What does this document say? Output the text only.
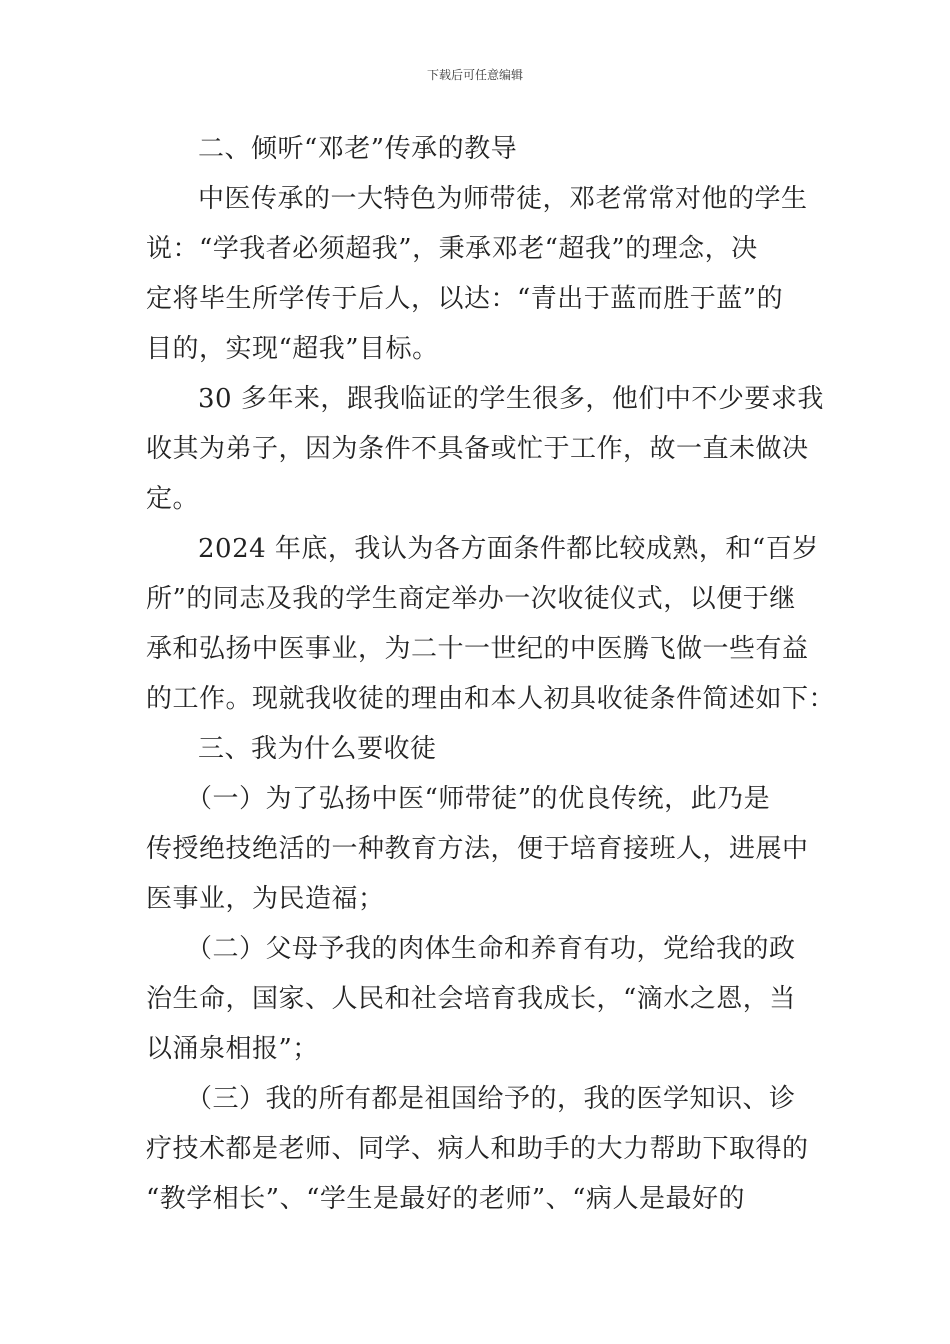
下载后可任意编辑
二、倾听“邓老”传承的教导
中医传承的一大特色为师带徒，邓老常常对他的学生
说：“学我者必须超我”，秉承邓老“超我”的理念，决
定将毕生所学传于后人，以达：“青出于蓝而胜于蓝”的
目的，实现“超我”目标。
30 多年来，跟我临证的学生很多，他们中不少要求我
收其为弟子，因为条件不具备或忙于工作，故一直未做决
定。
2024 年底，我认为各方面条件都比较成熟，和“百岁
所”的同志及我的学生商定举办一次收徒仪式，以便于继
承和弘扬中医事业，为二十一世纪的中医腾飞做一些有益
的工作。现就我收徒的理由和本人初具收徒条件简述如下：
三、我为什么要收徒
（一）为了弘扬中医“师带徒”的优良传统，此乃是
传授绝技绝活的一种教育方法，便于培育接班人，进展中
医事业，为民造福；
（二）父母予我的肉体生命和养育有功，党给我的政
治生命，国家、人民和社会培育我成长，“滴水之恩，当
以涌泉相报”；
（三）我的所有都是祖国给予的，我的医学知识、诊
疗技术都是老师、同学、病人和助手的大力帮助下取得的
“教学相长”、“学生是最好的老师”、“病人是最好的
